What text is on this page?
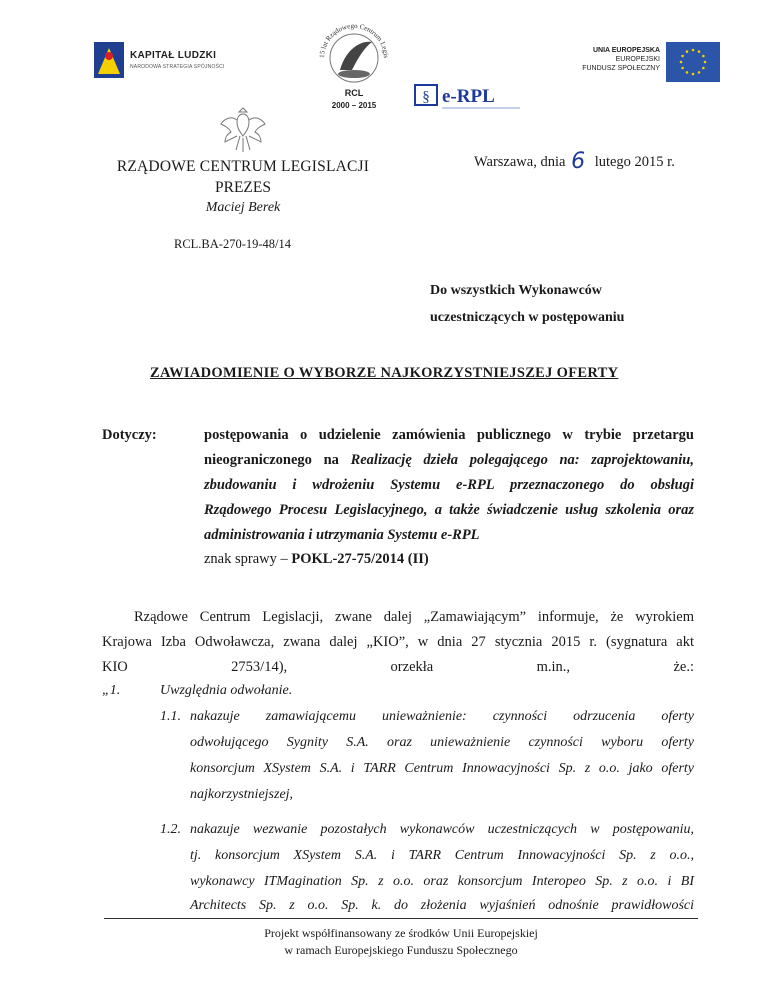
KAPITAŁ LUDZKI
NARODOWA STRATEGIA SPÓJNOŚCI
15 lat Rządowego Centrum Legis
RCL
2000 – 2015
UNIA EUROPEJSKA
EUROPEJSKI
FUNDUSZ SPOŁECZNY
§ e-RPL
RZĄDOWE CENTRUM LEGISLACJI
PREZES
Maciej Berek
Warszawa, dnia 6 lutego 2015 r.
RCL.BA-270-19-48/14
Do wszystkich Wykonawców
uczestniczących w postępowaniu
ZAWIADOMIENIE O WYBORZE NAJKORZYSTNIEJSZEJ OFERTY
Dotyczy:	postępowania o udzielenie zamówienia publicznego w trybie przetargu
nieograniczonego na Realizację dzieła polegającego na: zaprojektowaniu,
zbudowaniu i wdrożeniu Systemu e-RPL przeznaczonego do obsługi
Rządowego Procesu Legislacyjnego, a także świadczenie usług szkolenia oraz
administrowania i utrzymania Systemu e-RPL
znak sprawy – POKL-27-75/2014 (II)
Rządowe Centrum Legislacji, zwane dalej „Zamawiającym” informuje, że wyrokiem
Krajowa Izba Odwoławcza, zwana dalej „KIO”, w dnia 27 stycznia 2015 r. (sygnatura akt
KIO 2753/14), orzekła m.in., że.:
„1.	Uwzględnia odwołanie.
1.1. nakazuje zamawiającemu unieważnienie: czynności odrzucenia oferty
odwołującego Sygnity S.A. oraz unieważnienie czynności wyboru oferty
konsorcjum XSystem S.A. i TARR Centrum Innowacyjności Sp. z o.o. jako oferty
najkorzystniejszej,
1.2. nakazuje wezwanie pozostałych wykonawców uczestniczących w postępowaniu,
tj. konsorcjum XSystem S.A. i TARR Centrum Innowacyjności Sp. z o.o.,
wykonawcy ITMagination Sp. z o.o. oraz konsorcjum Interopeo Sp. z o.o. i BI
Architects Sp. z o.o. Sp. k. do złożenia wyjaśnień odnośnie prawidłowości
Projekt współfinansowany ze środków Unii Europejskiej
w ramach Europejskiego Funduszu Społecznego
